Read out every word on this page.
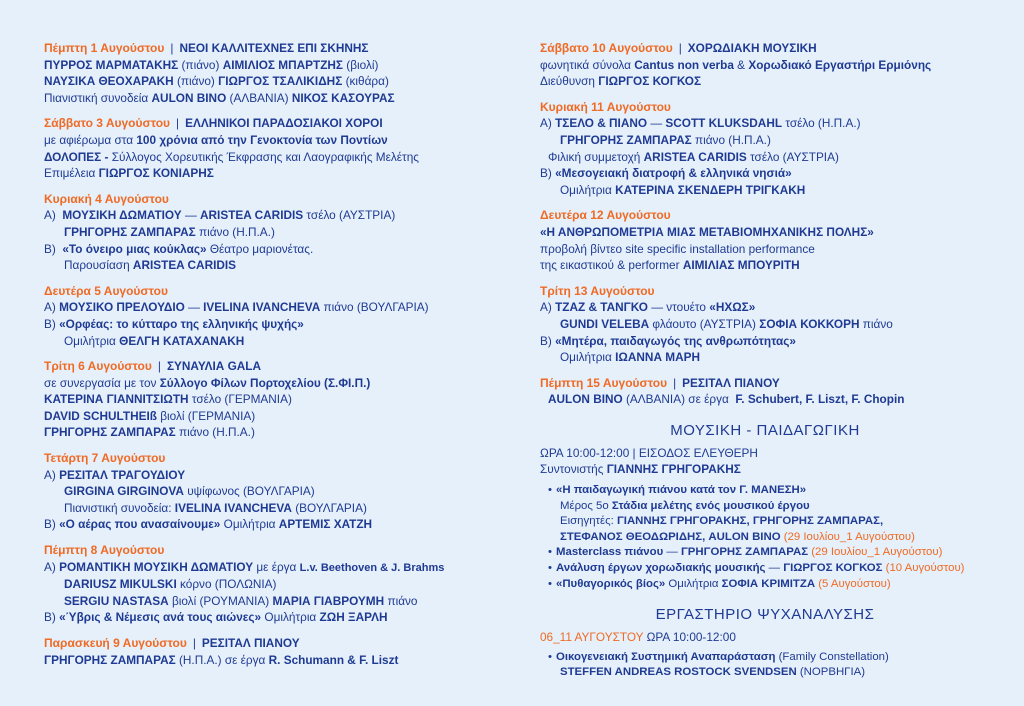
Πέμπτη 1 Αυγούστου | ΝΕΟΙ ΚΑΛΛΙΤΕΧΝΕΣ ΕΠΙ ΣΚΗΝΗΣ
ΠΥΡΡΟΣ ΜΑΡΜΑΤΑΚΗΣ (πιάνο) ΑΙΜΙΛΙΟΣ ΜΠΑΡΤΖΗΣ (βιολί)
ΝΑΥΣΙΚΑ ΘΕΟΧΑΡΑΚΗ (πιάνο) ΓΙΩΡΓΟΣ ΤΣΑΛΙΚΙΔΗΣ (κιθάρα)
Πιανιστική συνοδεία AULON BINO (ΑΛΒΑΝΙΑ) ΝΙΚΟΣ ΚΑΣΟΥΡΑΣ
Σάββατο 3 Αυγούστου | ΕΛΛΗΝΙΚΟΙ ΠΑΡΑΔΟΣΙΑΚΟΙ ΧΟΡΟΙ
με αφιέρωμα στα 100 χρόνια από την Γενοκτονία των Ποντίων
ΔΟΛΟΠΕΣ - Σύλλογος Χορευτικής Έκφρασης και Λαογραφικής Μελέτης
Επιμέλεια ΓΙΩΡΓΟΣ ΚΟΝΙΑΡΗΣ
Κυριακή 4 Αυγούστου
Α) ΜΟΥΣΙΚΗ ΔΩΜΑΤΙΟΥ — ARISTEA CARIDIS τσέλο (ΑΥΣΤΡΙΑ)
ΓΡΗΓΟΡΗΣ ΖΑΜΠΑΡΑΣ πιάνο (Η.Π.Α.)
Β) «Το όνειρο μιας κούκλας» Θέατρο μαριονέτας.
Παρουσίαση ARISTEA CARIDIS
Δευτέρα 5 Αυγούστου
Α) ΜΟΥΣΙΚΟ ΠΡΕΛΟΥΔΙΟ — IVELINA IVANCHEVA πιάνο (ΒΟΥΛΓΑΡΙΑ)
Β) «Ορφέας: το κύτταρο της ελληνικής ψυχής»
Ομιλήτρια ΘΕΛΓΗ ΚΑΤΑΧΑΝΑΚΗ
Τρίτη 6 Αυγούστου | ΣΥΝΑΥΛΙΑ GALA
σε συνεργασία με τον Σύλλογο Φίλων Πορτοχελίου (Σ.ΦΙ.Π.)
ΚΑΤΕΡΙΝΑ ΓΙΑΝΝΙΤΣΙΩΤΗ τσέλο (ΓΕΡΜΑΝΙΑ)
DAVID SCHULTHEIß βιολί (ΓΕΡΜΑΝΙΑ)
ΓΡΗΓΟΡΗΣ ΖΑΜΠΑΡΑΣ πιάνο (Η.Π.Α.)
Τετάρτη 7 Αυγούστου
Α) ΡΕΣΙΤΑΛ ΤΡΑΓΟΥΔΙΟΥ
GIRGINA GIRGINOVA υψίφωνος (ΒΟΥΛΓΑΡΙΑ)
Πιανιστική συνοδεία: IVELINA IVANCHEVA (ΒΟΥΛΓΑΡΙΑ)
Β) «Ο αέρας που ανασαίνουμε» Ομιλήτρια ΑΡΤΕΜΙΣ ΧΑΤΖΗ
Πέμπτη 8 Αυγούστου
Α) ΡΟΜΑΝΤΙΚΗ ΜΟΥΣΙΚΗ ΔΩΜΑΤΙΟΥ με έργα L.v. Beethoven & J. Brahms
DARIUSZ MIKULSKI κόρνο (ΠΟΛΩΝΙΑ)
SERGIU NASTASA βιολί (ΡΟΥΜΑΝΙΑ) ΜΑΡΙΑ ΓΙΑΒΡΟΥΜΗ πιάνο
Β) «Ύβρις & Νέμεσις ανά τους αιώνες» Ομιλήτρια ΖΩΗ ΞΑΡΛΗ
Παρασκευή 9 Αυγούστου | ΡΕΣΙΤΑΛ ΠΙΑΝΟΥ
ΓΡΗΓΟΡΗΣ ΖΑΜΠΑΡΑΣ (Η.Π.Α.) σε έργα R. Schumann & F. Liszt
Σάββατο 10 Αυγούστου | ΧΟΡΩΔΙΑΚΗ ΜΟΥΣΙΚΗ
φωνητικά σύνολα Cantus non verba & Χορωδιακό Εργαστήρι Ερμιόνης
Διεύθυνση ΓΙΩΡΓΟΣ ΚΟΓΚΟΣ
Κυριακή 11 Αυγούστου
Α) ΤΣΕΛΟ & ΠΙΑΝΟ — SCOTT KLUKSDAHL τσέλο (Η.Π.Α.)
ΓΡΗΓΟΡΗΣ ΖΑΜΠΑΡΑΣ πιάνο (Η.Π.Α.)
Φιλική συμμετοχή ARISTEA CARIDIS τσέλο (ΑΥΣΤΡΙΑ)
Β) «Μεσογειακή διατροφή & ελληνικά νησιά»
Ομιλήτρια ΚΑΤΕΡΙΝΑ ΣΚΕΝΔΕΡΗ ΤΡΙΓΚΑΚΗ
Δευτέρα 12 Αυγούστου
«Η ΑΝΘΡΩΠΟΜΕΤΡΙΑ ΜΙΑΣ ΜΕΤΑΒΙΟΜΗΧΑΝΙΚΗΣ ΠΟΛΗΣ»
προβολή βίντεο site specific installation performance
της εικαστικού & performer ΑΙΜΙΛΙΑΣ ΜΠΟΥΡΙΤΗ
Τρίτη 13 Αυγούστου
Α) ΤΖΑΖ & ΤΑΝΓΚΟ — ντουέτο «ΗΧΩΣ»
GUNDI VELEBA φλάουτο (ΑΥΣΤΡΙΑ) ΣΟΦΙΑ ΚΟΚΚΟΡΗ πιάνο
Β) «Μητέρα, παιδαγωγός της ανθρωπότητας»
Ομιλήτρια ΙΩΑΝΝΑ ΜΑΡΗ
Πέμπτη 15 Αυγούστου | ΡΕΣΙΤΑΛ ΠΙΑΝΟΥ
AULON BINO (ΑΛΒΑΝΙΑ) σε έργα F. Schubert, F. Liszt, F. Chopin
ΜΟΥΣΙΚΗ - ΠΑΙΔΑΓΩΓΙΚΗ
ΩΡΑ 10:00-12:00 | ΕΙΣΟΔΟΣ ΕΛΕΥΘΕΡΗ
Συντονιστής ΓΙΑΝΝΗΣ ΓΡΗΓΟΡΑΚΗΣ
• «Η παιδαγωγική πιάνου κατά τον Γ. ΜΑΝΕΣΗ»
Μέρος 5ο Στάδια μελέτης ενός μουσικού έργου
Εισηγητές: ΓΙΑΝΝΗΣ ΓΡΗΓΟΡΑΚΗΣ, ΓΡΗΓΟΡΗΣ ΖΑΜΠΑΡΑΣ,
ΣΤΕΦΑΝΟΣ ΘΕΟΔΩΡΙΔΗΣ, AULON BINO (29 Ιουλίου_1 Αυγούστου)
• Masterclass πιάνου — ΓΡΗΓΟΡΗΣ ΖΑΜΠΑΡΑΣ (29 Ιουλίου_1 Αυγούστου)
• Ανάλυση έργων χορωδιακής μουσικής — ΓΙΩΡΓΟΣ ΚΟΓΚΟΣ (10 Αυγούστου)
• «Πυθαγορικός βίος» Ομιλήτρια ΣΟΦΙΑ ΚΡΙΜΙΤΖΑ (5 Αυγούστου)
ΕΡΓΑΣΤΗΡΙΟ ΨΥΧΑΝΑΛΥΣΗΣ
06_11 ΑΥΓΟΥΣΤΟΥ ΩΡΑ 10:00-12:00
• Οικογενειακή Συστημική Αναπαράσταση (Family Constellation)
STEFFEN ANDREAS ROSTOCK SVENDSEN (ΝΟΡΒΗΓΙΑ)
